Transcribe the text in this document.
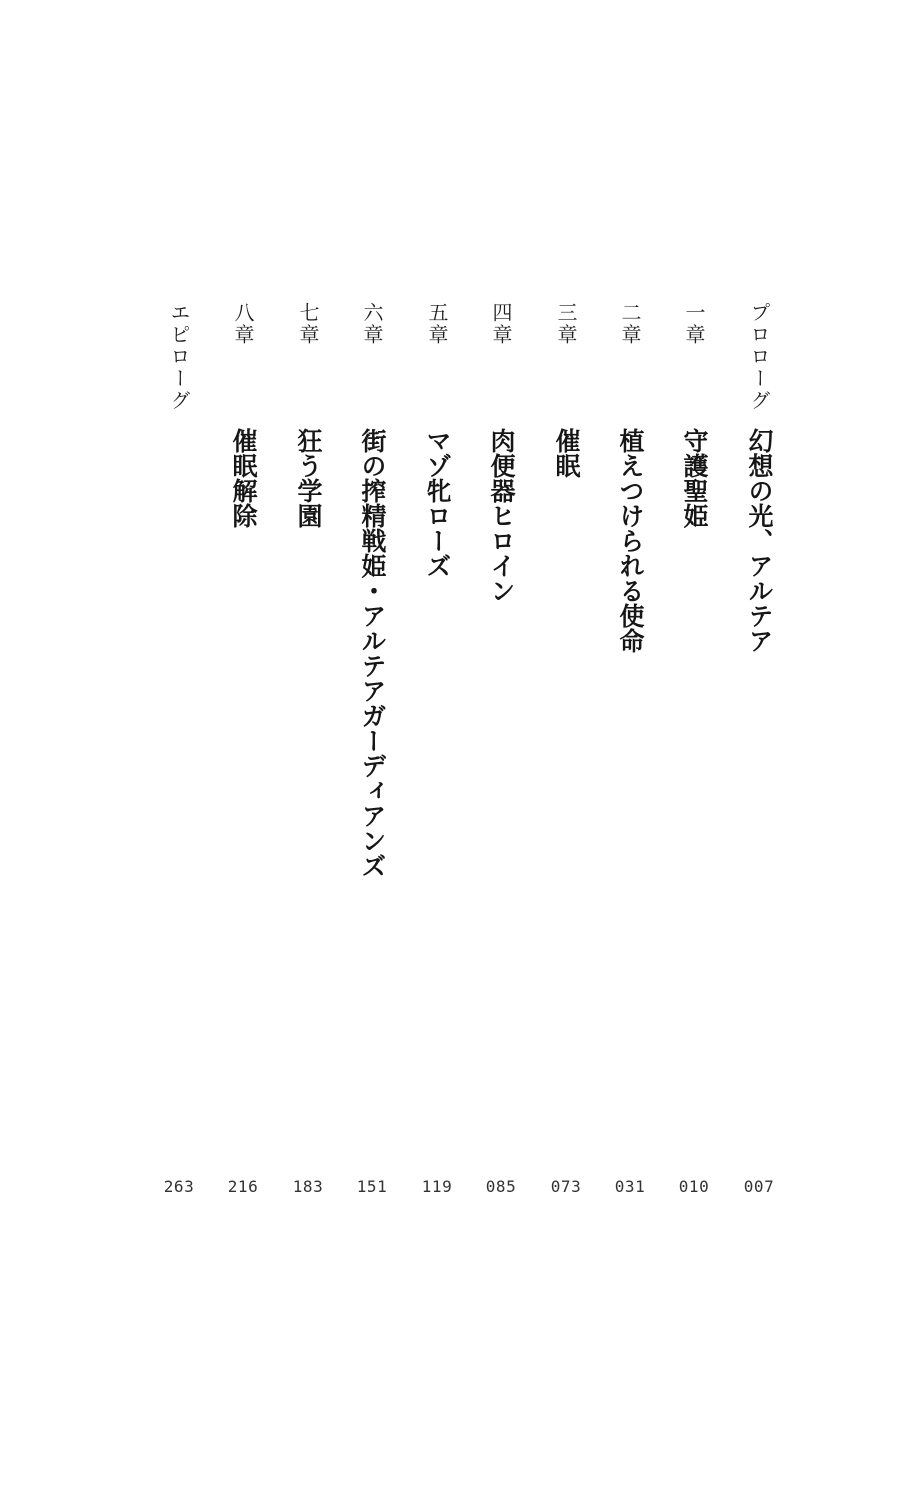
プロローグ
幻想の光、アルテア
007
一章
守護聖姫
010
二章
植えつけられる使命
031
三章
催眠
073
四章
肉便器ヒロイン
085
五章
マゾ牝ローズ
119
六章
街の搾精戦姫・アルテアガーディアンズ
151
七章
狂う学園
183
八章
催眠解除
216
エピローグ
263
